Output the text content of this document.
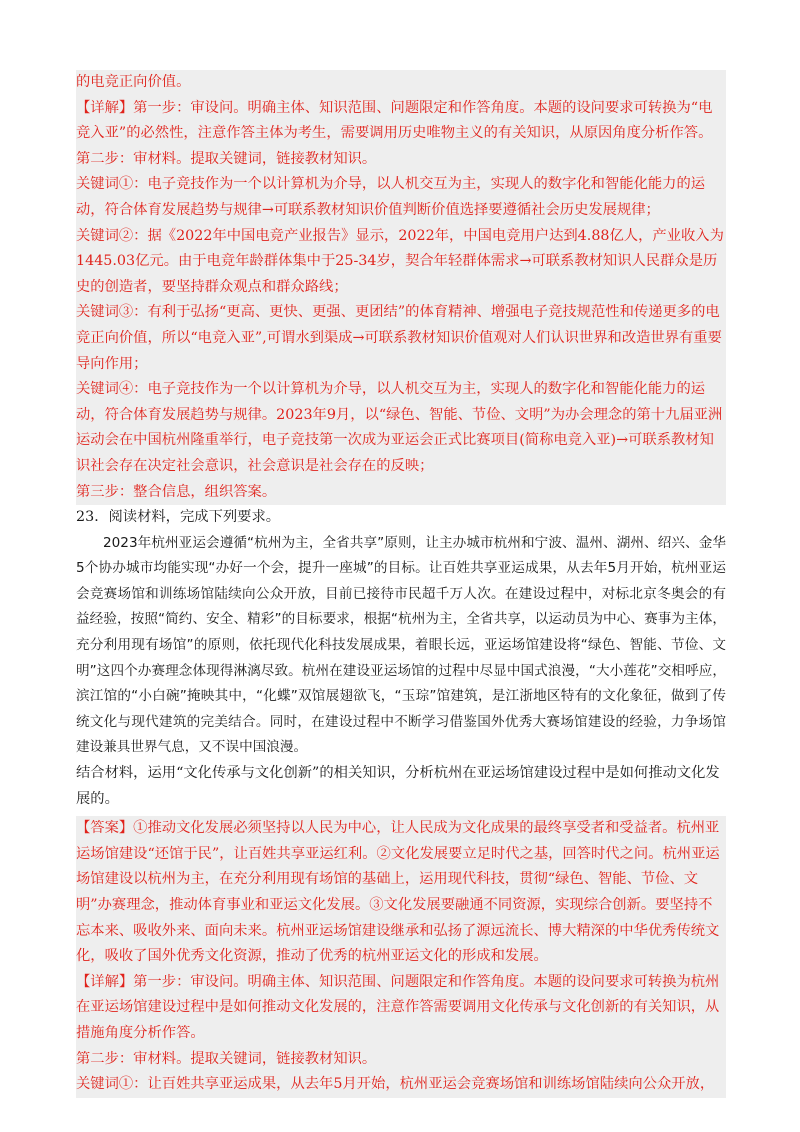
的电竞正向价值。

【详解】第一步：审设问。明确主体、知识范围、问题限定和作答角度。本题的设问要求可转换为“电竞入亚”的必然性，注意作答主体为考生，需要调用历史唯物主义的有关知识，从原因角度分析作答。

第二步：审材料。提取关键词，链接教材知识。

关键词①：电子竞技作为一个以计算机为介导，以人机交互为主，实现人的数字化和智能化能力的运动，符合体育发展趋势与规律→可联系教材知识价值判断价值选择要遵循社会历史发展规律；

关键词②：据《2022年中国电竞产业报告》显示，2022年，中国电竞用户达到4.88亿人，产业收入为1445.03亿元。由于电竞年龄群体集中于25-34岁，契合年轻群体需求→可联系教材知识人民群众是历史的创造者，要坚持群众观点和群众路线；

关键词③：有利于弘扬“更高、更快、更强、更团结”的体育精神、增强电子竞技规范性和传递更多的电竞正向价值，所以“电竞入亚”,可谓水到渠成→可联系教材知识价值观对人们认识世界和改造世界有重要导向作用；

关键词④：电子竞技作为一个以计算机为介导，以人机交互为主，实现人的数字化和智能化能力的运动，符合体育发展趋势与规律。2023年9月，以“绿色、智能、节俭、文明”为办会理念的第十九届亚洲运动会在中国杭州隆重举行，电子竞技第一次成为亚运会正式比赛项目(简称电竞入亚)→可联系教材知识社会存在决定社会意识，社会意识是社会存在的反映；

第三步：整合信息，组织答案。

23．阅读材料，完成下列要求。

2023年杭州亚运会遵循“杭州为主，全省共享”原则，让主办城市杭州和宁波、温州、湖州、绍兴、金华5个协办城市均能实现“办好一个会，提升一座城”的目标。让百姓共享亚运成果，从去年5月开始，杭州亚运会竞赛场馆和训练场馆陆续向公众开放，目前已接待市民超千万人次。在建设过程中，对标北京冬奥会的有益经验，按照“简约、安全、精彩”的目标要求，根据“杭州为主，全省共享，以运动员为中心、赛事为主体，充分利用现有场馆”的原则，依托现代化科技发展成果，着眼长远，亚运场馆建设将“绿色、智能、节俭、文明”这四个办赛理念体现得淋漓尽致。杭州在建设亚运场馆的过程中尽显中国式浪漫，“大小莲花”交相呼应，滨江馆的“小白碗”掩映其中，“化蝶”双馆展翅欲飞，“玉琮”馆建筑，是江浙地区特有的文化象征，做到了传统文化与现代建筑的完美结合。同时，在建设过程中不断学习借鉴国外优秀大赛场馆建设的经验，力争场馆建设兼具世界气息，又不误中国浪漫。

结合材料，运用“文化传承与文化创新”的相关知识，分析杭州在亚运场馆建设过程中是如何推动文化发展的。

【答案】①推动文化发展必须坚持以人民为中心，让人民成为文化成果的最终享受者和受益者。杭州亚运场馆建设“还馆于民”，让百姓共享亚运红利。②文化发展要立足时代之基，回答时代之问。杭州亚运场馆建设以杭州为主，在充分利用现有场馆的基础上，运用现代科技，贯彻“绿色、智能、节俭、文明”办赛理念，推动体育事业和亚运文化发展。③文化发展要融通不同资源，实现综合创新。要坚持不忘本来、吸收外来、面向未来。杭州亚运场馆建设继承和弘扬了源远流长、博大精深的中华优秀传统文化，吸收了国外优秀文化资源，推动了优秀的杭州亚运文化的形成和发展。

【详解】第一步：审设问。明确主体、知识范围、问题限定和作答角度。本题的设问要求可转换为杭州在亚运场馆建设过程中是如何推动文化发展的，注意作答需要调用文化传承与文化创新的有关知识，从措施角度分析作答。

第二步：审材料。提取关键词，链接教材知识。

关键词①：让百姓共享亚运成果，从去年5月开始，杭州亚运会竞赛场馆和训练场馆陆续向公众开放，
